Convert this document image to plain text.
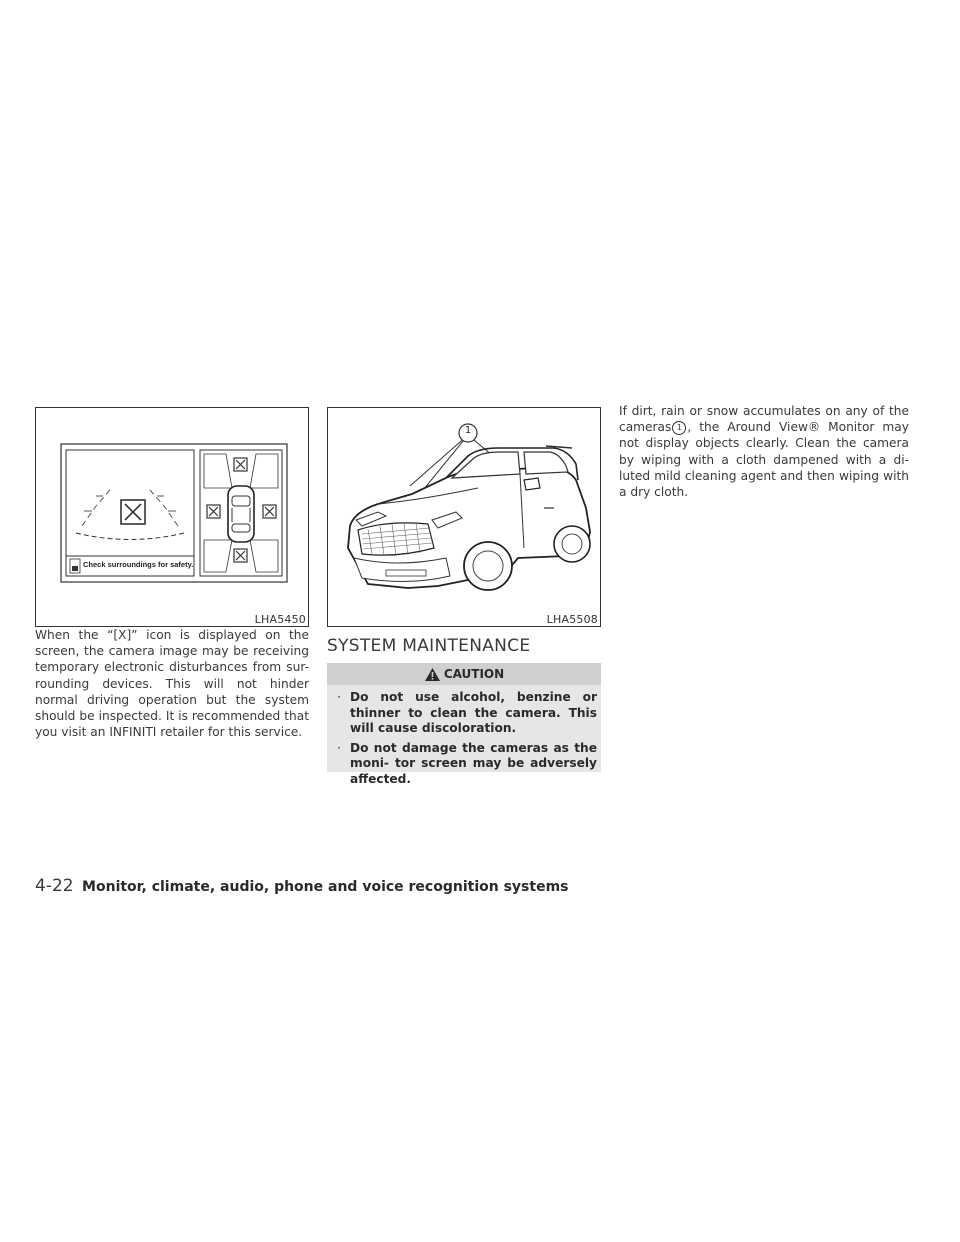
Check surroundings for safety.
LHA5450
1
LHA5508

When the “[X]” icon is displayed on the screen, the camera image may be receiving temporary electronic disturbances from sur- rounding devices. This will not hinder normal driving operation but the system should be inspected. It is recommended that you visit an INFINITI retailer for this service.

SYSTEM MAINTENANCE
CAUTION
· Do not use alcohol, benzine or thinner to clean the camera. This will cause discoloration.
· Do not damage the cameras as the moni- tor screen may be adversely affected.

If dirt, rain or snow accumulates on any of the cameras 1 , the Around View® Monitor may not display objects clearly. Clean the camera by wiping with a cloth dampened with a di- luted mild cleaning agent and then wiping with a dry cloth.

4-22 Monitor, climate, audio, phone and voice recognition systems
